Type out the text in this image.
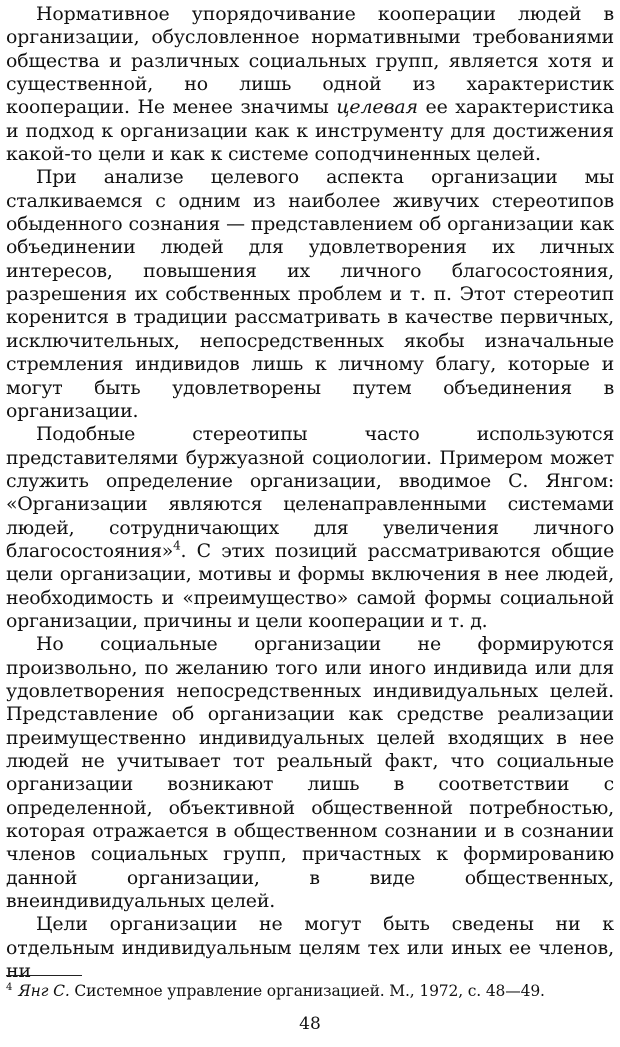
Нормативное упорядочивание кооперации людей в организации, обусловленное нормативными требованиями общества и различных социальных групп, является хотя и существенной, но лишь одной из характеристик кооперации. Не менее значимы целевая ее характеристика и подход к организации как к инструменту для достижения какой-то цели и как к системе соподчиненных целей.

При анализе целевого аспекта организации мы сталкиваемся с одним из наиболее живучих стереотипов обыденного сознания — представлением об организации как объединении людей для удовлетворения их личных интересов, повышения их личного благосостояния, разрешения их собственных проблем и т. п. Этот стереотип коренится в традиции рассматривать в качестве первичных, исключительных, непосредственных якобы изначальные стремления индивидов лишь к личному благу, которые и могут быть удовлетворены путем объединения в организации.

Подобные стереотипы часто используются представителями буржуазной социологии. Примером может служить определение организации, вводимое С. Янгом: «Организации являются целенаправленными системами людей, сотрудничающих для увеличения личного благосостояния»$^4$. С этих позиций рассматриваются общие цели организации, мотивы и формы включения в нее людей, необходимость и «преимущество» самой формы социальной организации, причины и цели кооперации и т. д.

Но социальные организации не формируются произвольно, по желанию того или иного индивида или для удовлетворения непосредственных индивидуальных целей. Представление об организации как средстве реализации преимущественно индивидуальных целей входящих в нее людей не учитывает тот реальный факт, что социальные организации возникают лишь в соответствии с определенной, объективной общественной потребностью, которая отражается в общественном сознании и в сознании членов социальных групп, причастных к формированию данной организации, в виде общественных, внеиндивидуальных целей.

Цели организации не могут быть сведены ни к отдельным индивидуальным целям тех или иных ее членов, ни

$^4$ Янг С. Системное управление организацией. М., 1972, с. 48—49.

48
